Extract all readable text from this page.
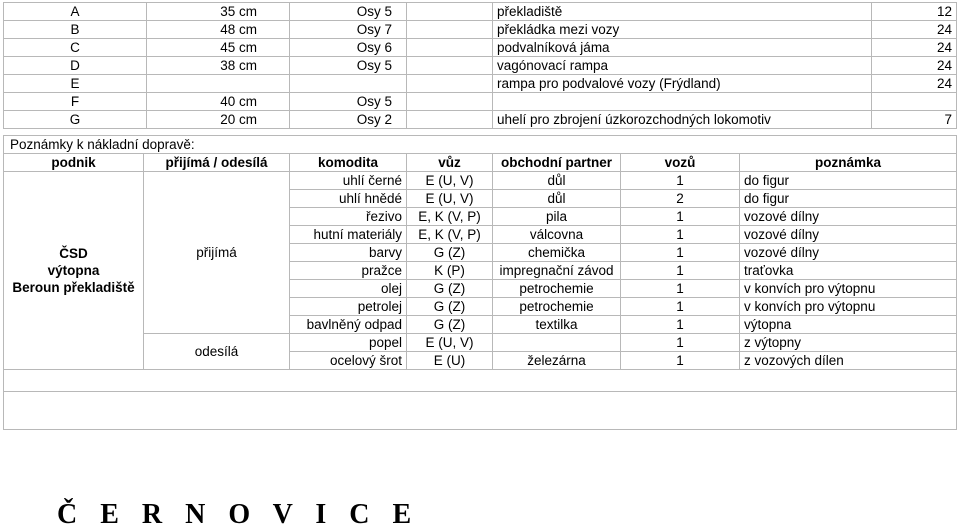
A	35 cm	Osy 5		překladiště	12
B	48 cm	Osy 7		překládka mezi vozy	24
C	45 cm	Osy 6		podvalníková jáma	24
D	38 cm	Osy 5		vagónovací rampa	24
E				rampa pro podvalové vozy (Frýdland)	24
F	40 cm	Osy 5			
G	20 cm	Osy 2		uhelí pro zbrojení úzkorozchodných lokomotiv	7
Poznámky k nákladní dopravě:						
podnik	přijímá / odesílá	komodita	vůz	obchodní partner	vozů	poznámka

ČSD
výtopna
Beroun překladiště	přijímá	uhlí černé	E (U, V)	důl	1	do figur
		uhlí hnědé	E (U, V)	důl	2	do figur
		řezivo	E, K (V, P)	pila	1	vozové dílny
		hutní materiály	E, K (V, P)	válcovna	1	vozové dílny
		barvy	G (Z)	chemička	1	vozové dílny
		pražce	K (P)	impregnační závod	1	traťovka
		olej	G (Z)	petrochemie	1	v konvích pro výtopnu
		petrolej	G (Z)	petrochemie	1	v konvích pro výtopnu
		bavlněný odpad	G (Z)	textilka	1	výtopna
	odesílá	popel	E (U, V)		1	z výtopny
		ocelový šrot	E (U)	železárna	1	z vozových dílen

Č E R N O V I C E
